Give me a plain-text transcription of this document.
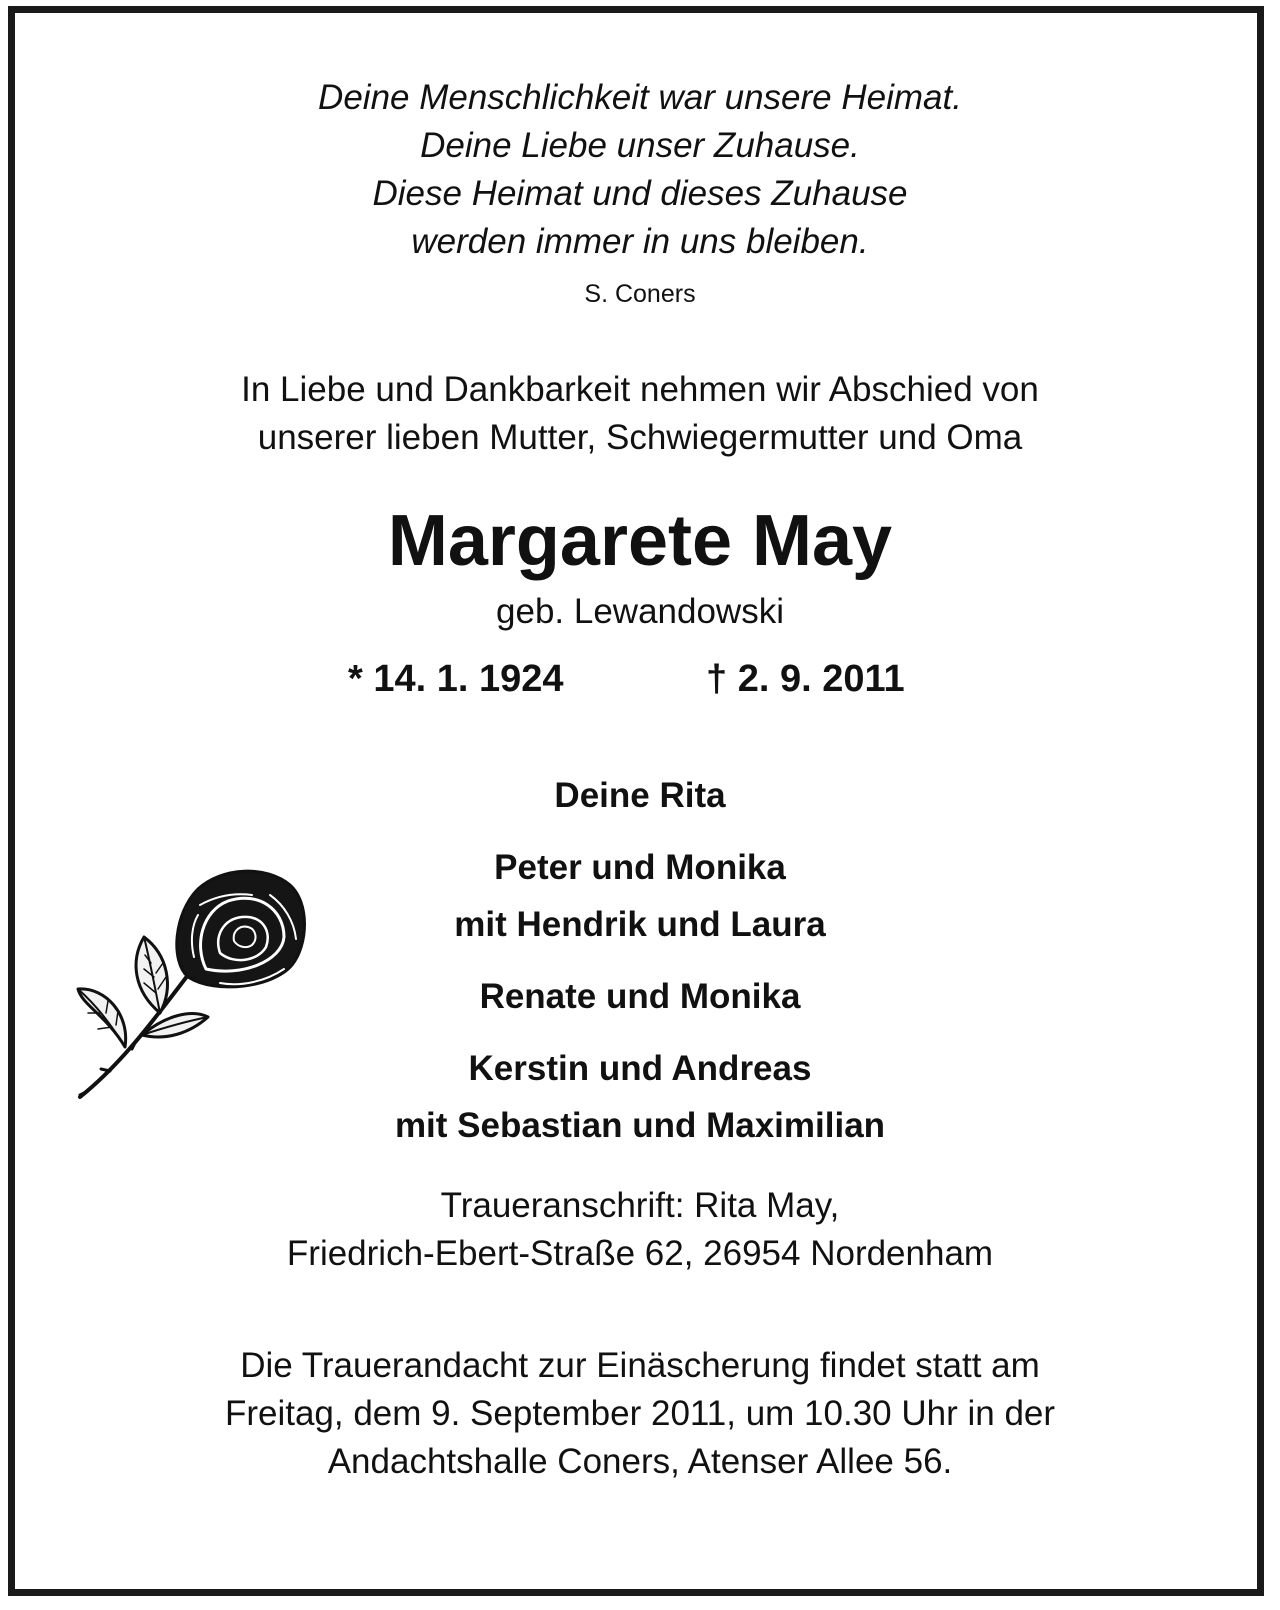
Deine Menschlichkeit war unsere Heimat.
Deine Liebe unser Zuhause.
Diese Heimat und dieses Zuhause
werden immer in uns bleiben.
S. Coners
In Liebe und Dankbarkeit nehmen wir Abschied von
unserer lieben Mutter, Schwiegermutter und Oma
Margarete May
geb. Lewandowski
* 14. 1. 1924	† 2. 9. 2011
Deine Rita
Peter und Monika
mit Hendrik und Laura
Renate und Monika
Kerstin und Andreas
mit Sebastian und Maximilian
Traueranschrift: Rita May,
Friedrich-Ebert-Straße 62, 26954 Nordenham
Die Trauerandacht zur Einäscherung findet statt am
Freitag, dem 9. September 2011, um 10.30 Uhr in der
Andachtshalle Coners, Atenser Allee 56.
